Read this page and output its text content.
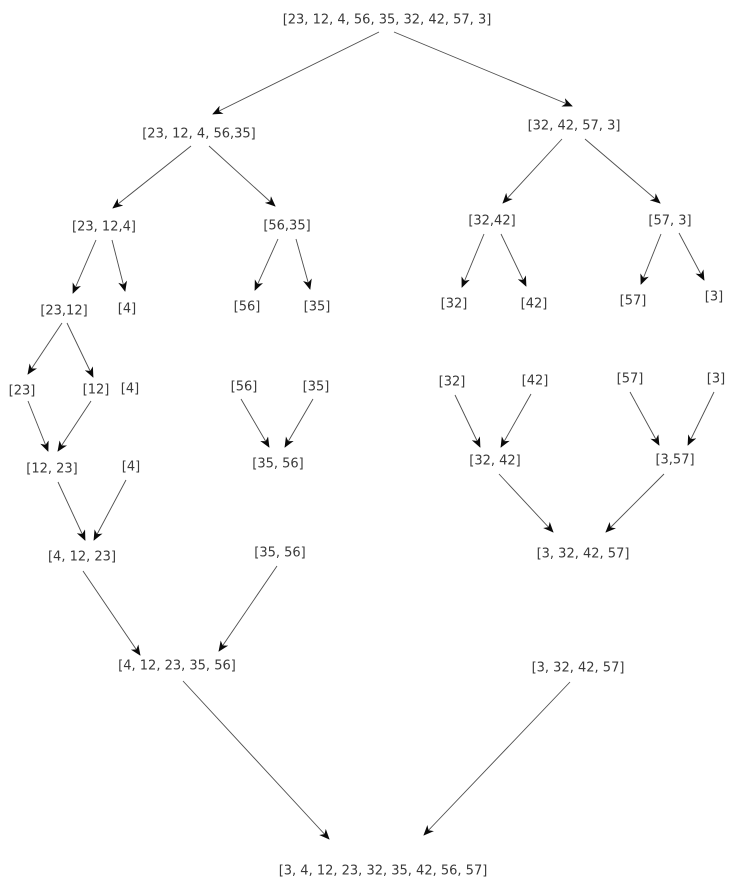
[23, 12, 4, 56, 35, 32, 42, 57, 3]
[23, 12, 4, 56,35]
[32, 42, 57, 3]
[23, 12,4]	[56,35]	[32,42]	[57, 3]
[23,12] [4]	[56]	[35]	[32]	[42]	[57]	[3]
[23]	[12] [4]	[56]	[35]	[32]	[42]	[57]	[3]
[12, 23]	[4]	[35, 56]	[32, 42]	[3,57]
[4, 12, 23]	[35, 56]	[3, 32, 42, 57]
[4, 12, 23, 35, 56]	[3, 32, 42, 57]
[3, 4, 12, 23, 32, 35, 42, 56, 57]
